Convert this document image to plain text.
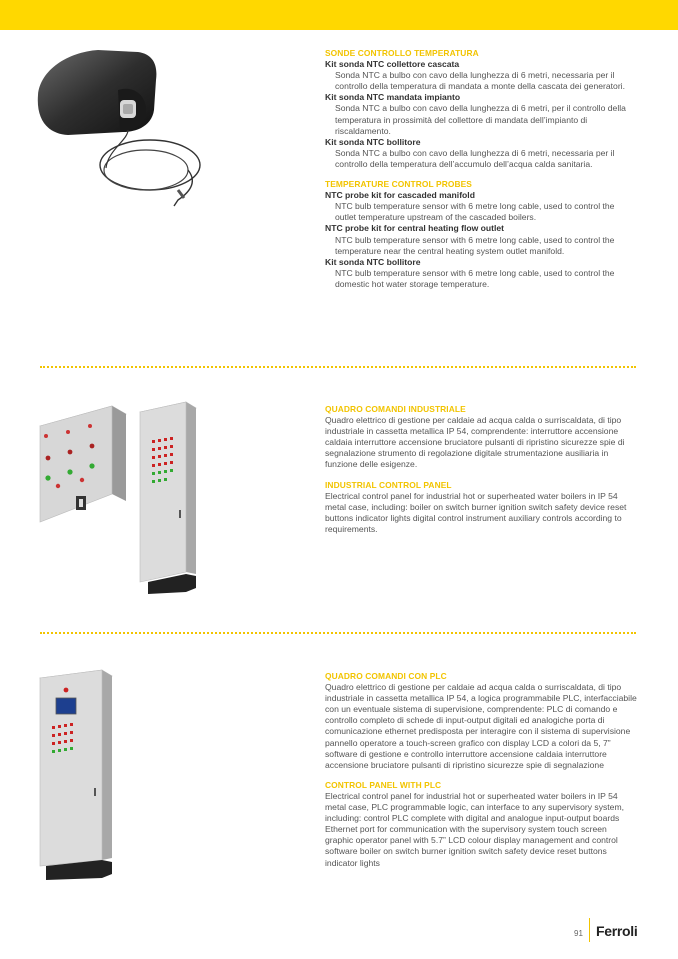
SONDE CONTROLLO TEMPERATURA

Kit sonda NTC collettore cascata

Sonda NTC a bulbo con cavo della lunghezza di 6 metri, necessaria per il controllo della temperatura di mandata a monte della cascata dei generatori.

Kit sonda NTC mandata impianto

Sonda NTC a bulbo con cavo della lunghezza di 6 metri, per il controllo della temperatura in prossimità del collettore di mandata dell’impianto di riscaldamento.

Kit sonda NTC bollitore

Sonda NTC a bulbo con cavo della lunghezza di 6 metri, necessaria per il controllo della temperatura dell’accumulo dell’acqua calda sanitaria.

TEMPERATURE CONTROL PROBES

NTC probe kit for cascaded manifold

NTC bulb temperature sensor with 6 metre long cable, used to control the outlet temperature upstream of the cascaded boilers.

NTC probe kit for central heating flow outlet

NTC bulb temperature sensor with 6 metre long cable, used to control the temperature near the central heating system outlet manifold.

Kit sonda NTC bollitore

NTC bulb temperature sensor with 6 metre long cable, used to control the domestic hot water storage temperature.

QUADRO COMANDI INDUSTRIALE

Quadro elettrico di gestione per caldaie ad acqua calda o surriscaldata, di tipo industriale in cassetta metallica IP 54, comprendente: interruttore accensione caldaia interruttore accensione bruciatore pulsanti di ripristino sicurezze spie di segnalazione strumento di regolazione digitale strumentazione ausiliaria in funzione delle esigenze.

INDUSTRIAL CONTROL PANEL

Electrical control panel for industrial hot or superheated water boilers in IP 54 metal case, including: boiler on switch burner ignition switch safety device reset buttons indicator lights digital control instrument auxiliary controls according to requirements.

QUADRO COMANDI CON PLC

Quadro elettrico di gestione per caldaie ad acqua calda o surriscaldata, di tipo industriale in cassetta metallica IP 54, a logica programmabile PLC, interfacciabile con un eventuale sistema di supervisione, comprendente: PLC di comando e controllo completo di schede di input-output digitali ed analogiche porta di comunicazione ethernet predisposta per interagire con il sistema di supervisione pannello operatore a touch-screen grafico con display LCD a colori da 5, 7” software di gestione e controllo interruttore accensione caldaia interruttore accensione bruciatore pulsanti di ripristino sicurezze spie di segnalazione

CONTROL PANEL WITH PLC

Electrical control panel for industrial hot or superheated water boilers in IP 54 metal case, PLC programmable logic, can interface to any supervisory system, including: control PLC complete with digital and analogue input-output boards Ethernet port for communication with the supervisory system touch screen graphic operator panel with 5.7” LCD colour display management and control software boiler on switch burner ignition switch safety device reset buttons indicator lights

91 Ferroli
